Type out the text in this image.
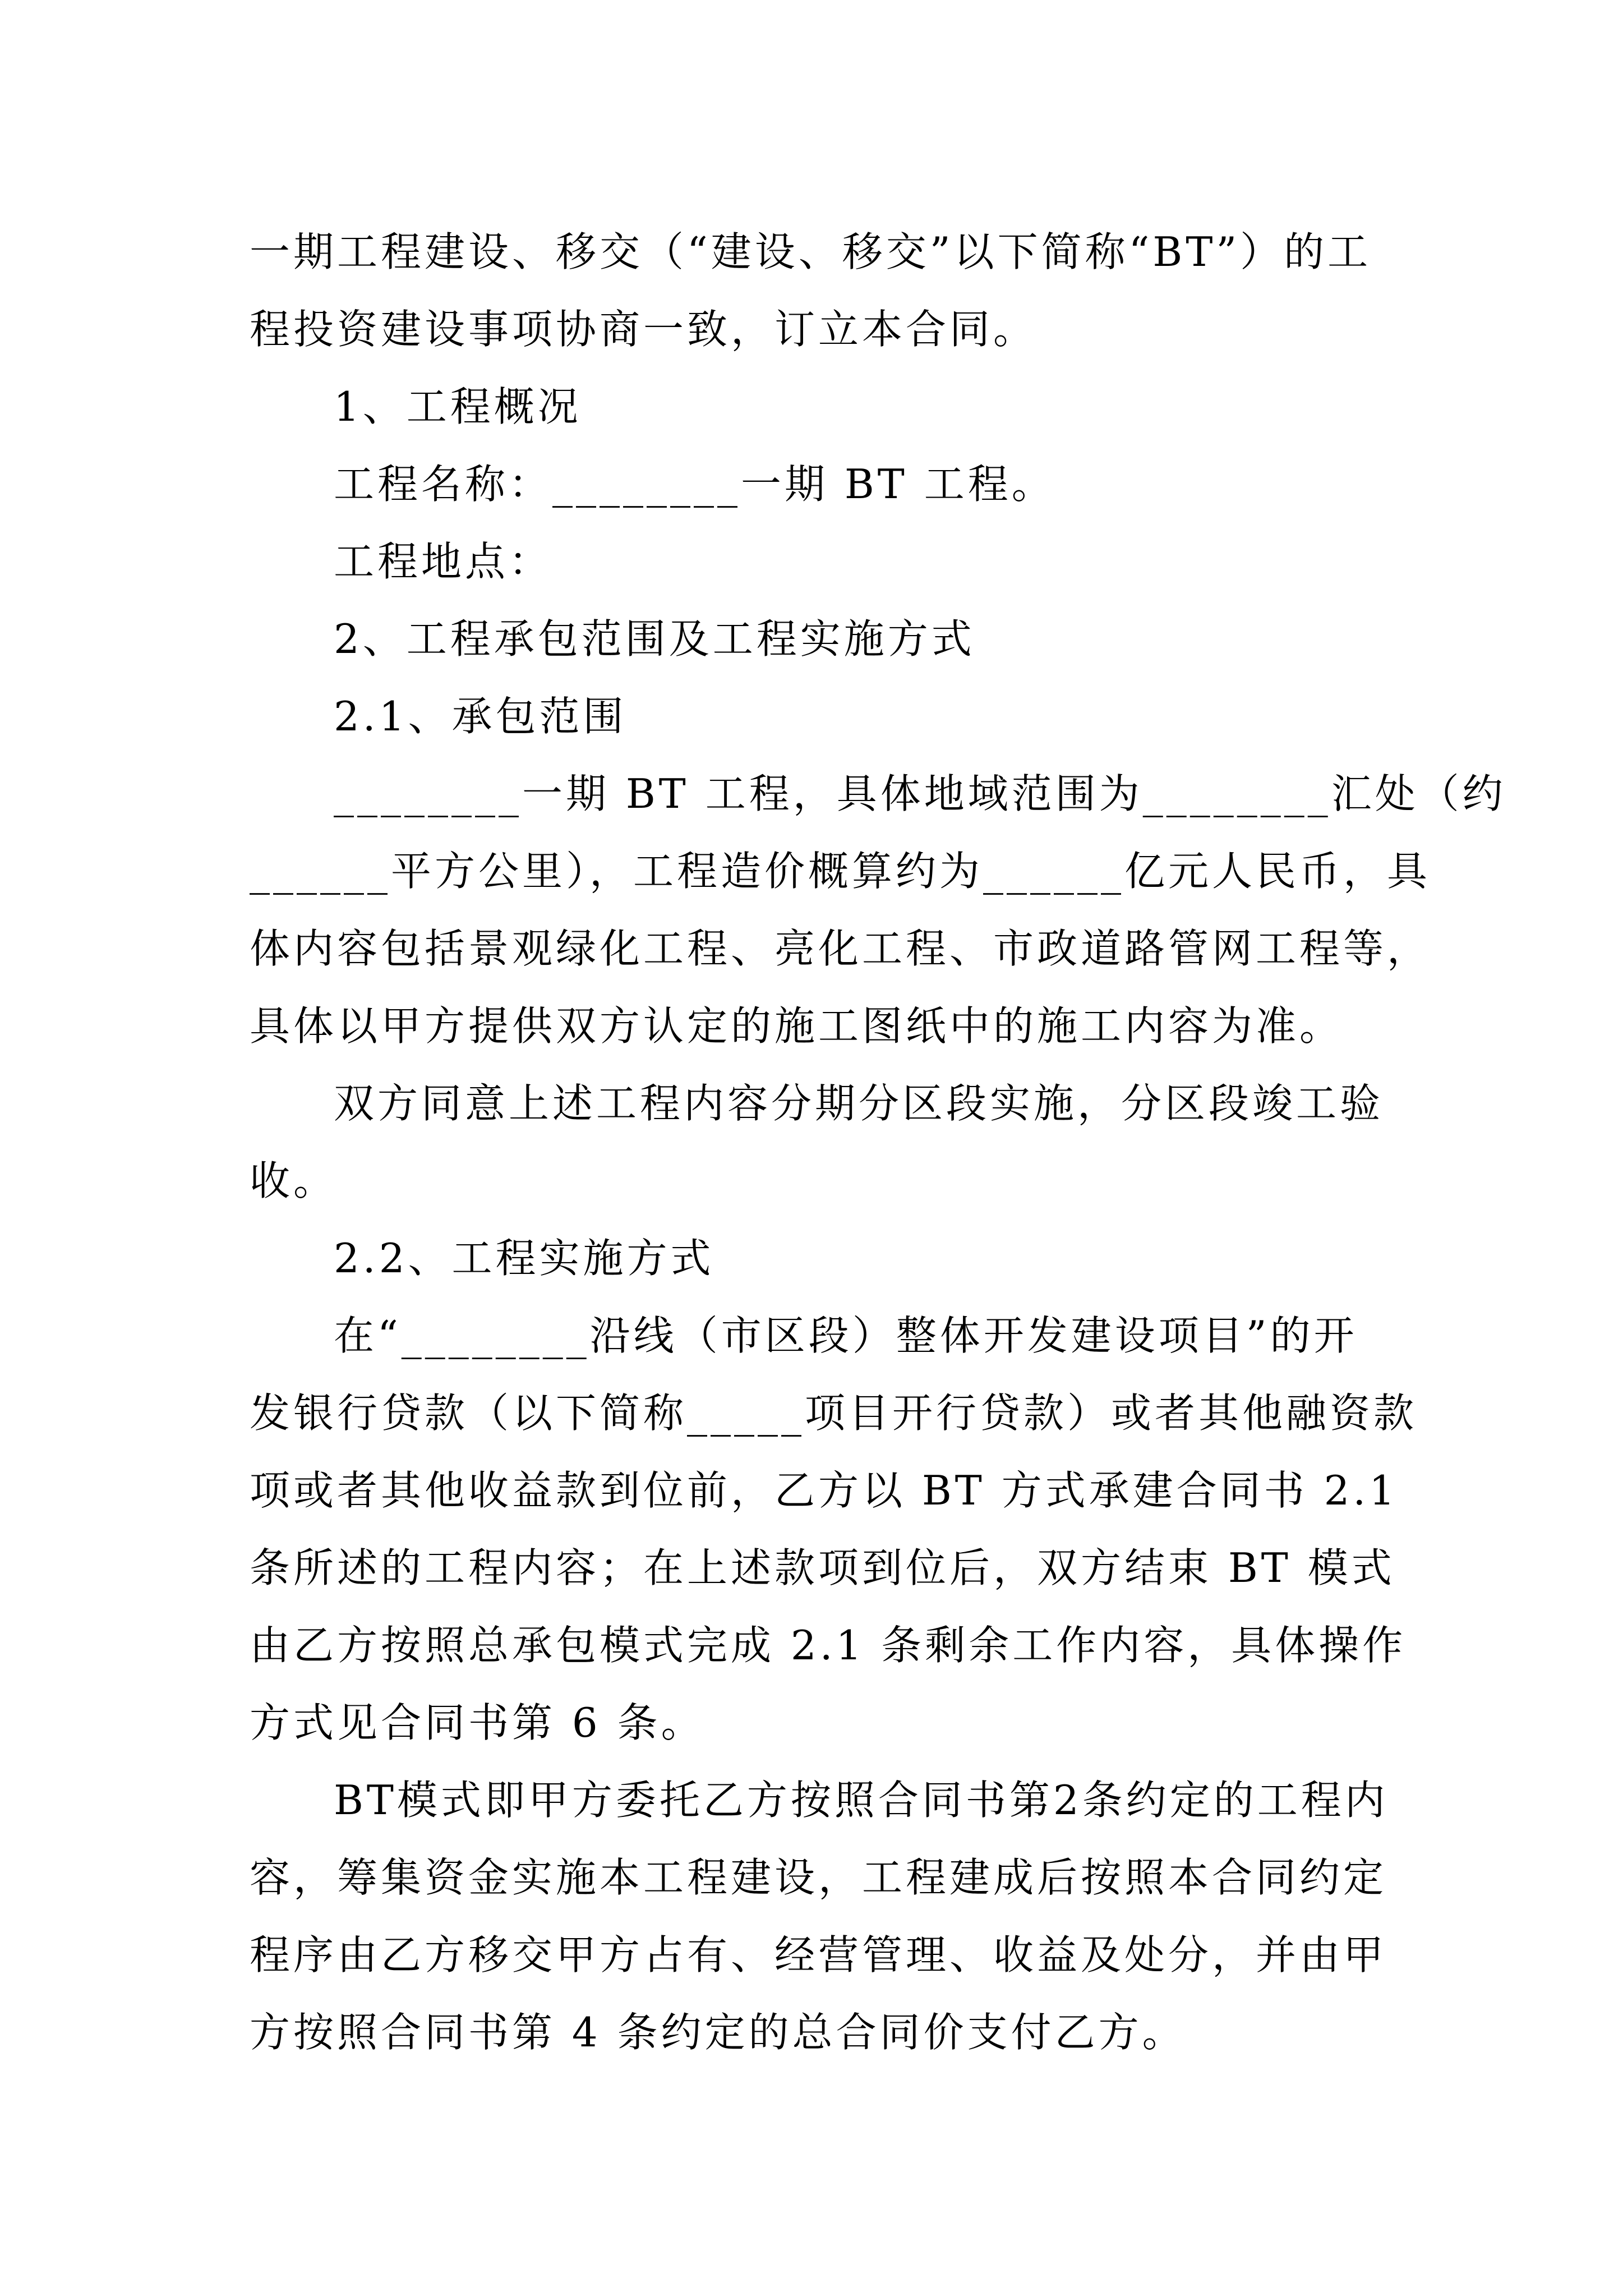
一期工程建设、移交（“建设、移交”以下简称“BT”）的工
程投资建设事项协商一致，订立本合同。
1、工程概况
工程名称：________一期 BT 工程。
工程地点：
2、工程承包范围及工程实施方式
2.1、承包范围
________一期 BT 工程，具体地域范围为________汇处（约
______平方公里），工程造价概算约为______亿元人民币，具
体内容包括景观绿化工程、亮化工程、市政道路管网工程等，
具体以甲方提供双方认定的施工图纸中的施工内容为准。
双方同意上述工程内容分期分区段实施，分区段竣工验
收。
2.2、工程实施方式
在“________沿线（市区段）整体开发建设项目”的开
发银行贷款（以下简称_____项目开行贷款）或者其他融资款
项或者其他收益款到位前，乙方以 BT 方式承建合同书 2.1
条所述的工程内容；在上述款项到位后，双方结束 BT 模式
由乙方按照总承包模式完成 2.1 条剩余工作内容，具体操作
方式见合同书第 6 条。
BT模式即甲方委托乙方按照合同书第2条约定的工程内
容，筹集资金实施本工程建设，工程建成后按照本合同约定
程序由乙方移交甲方占有、经营管理、收益及处分，并由甲
方按照合同书第 4 条约定的总合同价支付乙方。
